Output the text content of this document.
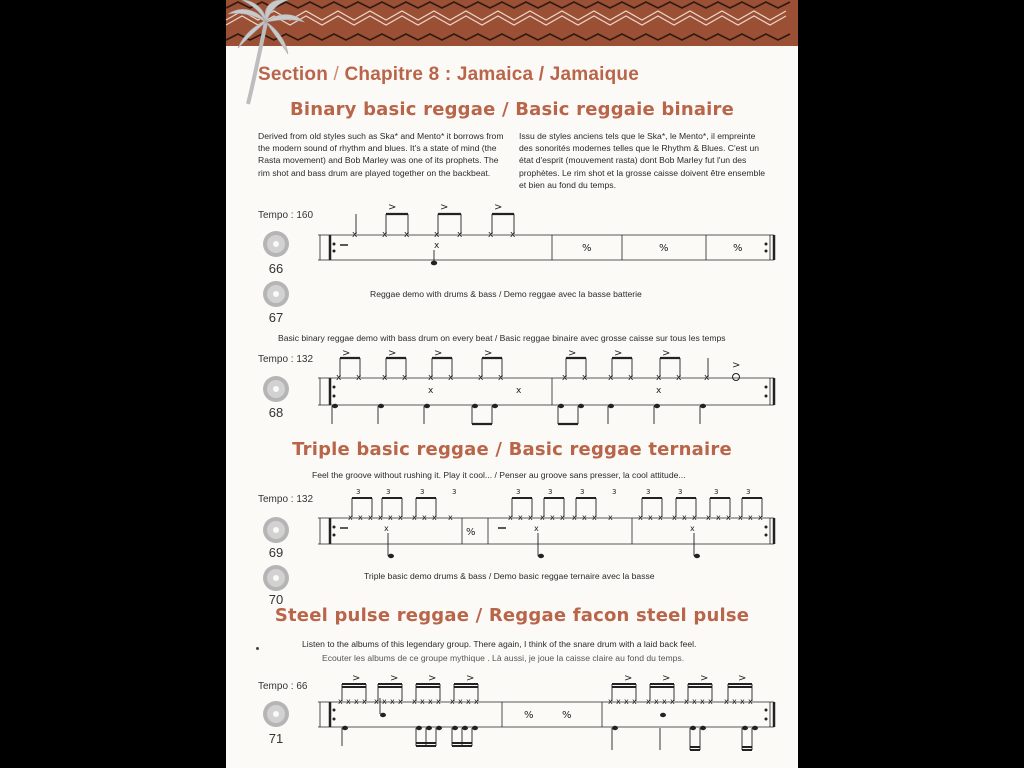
Section / Chapitre 8 : Jamaica / Jamaique
Binary basic reggae / Basic reggaie binaire
Derived from old styles such as Ska* and Mento* it borrows from the modern sound of rhythm and blues. It's a state of mind (the Rasta movement) and Bob Marley was one of its prophets. The rim shot and bass drum are played together on the backbeat.
Issu de styles anciens tels que le Ska*, le Mento*, il empreinte des sonorités modernes telles que le Rhythm & Blues. C'est un état d'esprit (mouvement rasta) dont Bob Marley fut l'un des prophètes. Le rim shot et la grosse caisse doivent être ensemble et bien au fond du temps.
Tempo : 160
66
67
x	x x	x x	x x
x
>	>	>
%	%	%
Reggae demo with drums & bass / Demo reggae avec la basse batterie
Basic binary reggae demo with bass drum on every beat / Basic reggae binaire avec grosse caisse sur tous les temps
Tempo : 132
68
x x x x x x	x x	x x x x	x x	x
x	x	x
>	>	>	>	>	>	>
>
Triple basic reggae / Basic reggae ternaire
Feel the groove without rushing it. Play it cool... / Penser au groove sans presser, la cool attitude...
Tempo : 132
69
70
x x x x x x x x x x	x x x x x x x x x x	x x x x x x x x x x x x
x	x	x
3	3	3	3	3	3	3	3	3	3	3	3
%
Triple basic demo drums & bass / Demo basic reggae ternaire avec la basse
Steel pulse reggae / Reggae facon steel pulse
Listen to the albums of this legendary group. There again, I think of the snare drum with a laid back feel.
Ecouter les albums de ce groupe mythique . Là aussi, je joue la caisse claire au fond du temps.
Tempo : 66
71
x x x x x x x x x x x x x x x x	x x x x x x x x x x x x x x x x
>	>	>	>	>	>	>	>
%	%
